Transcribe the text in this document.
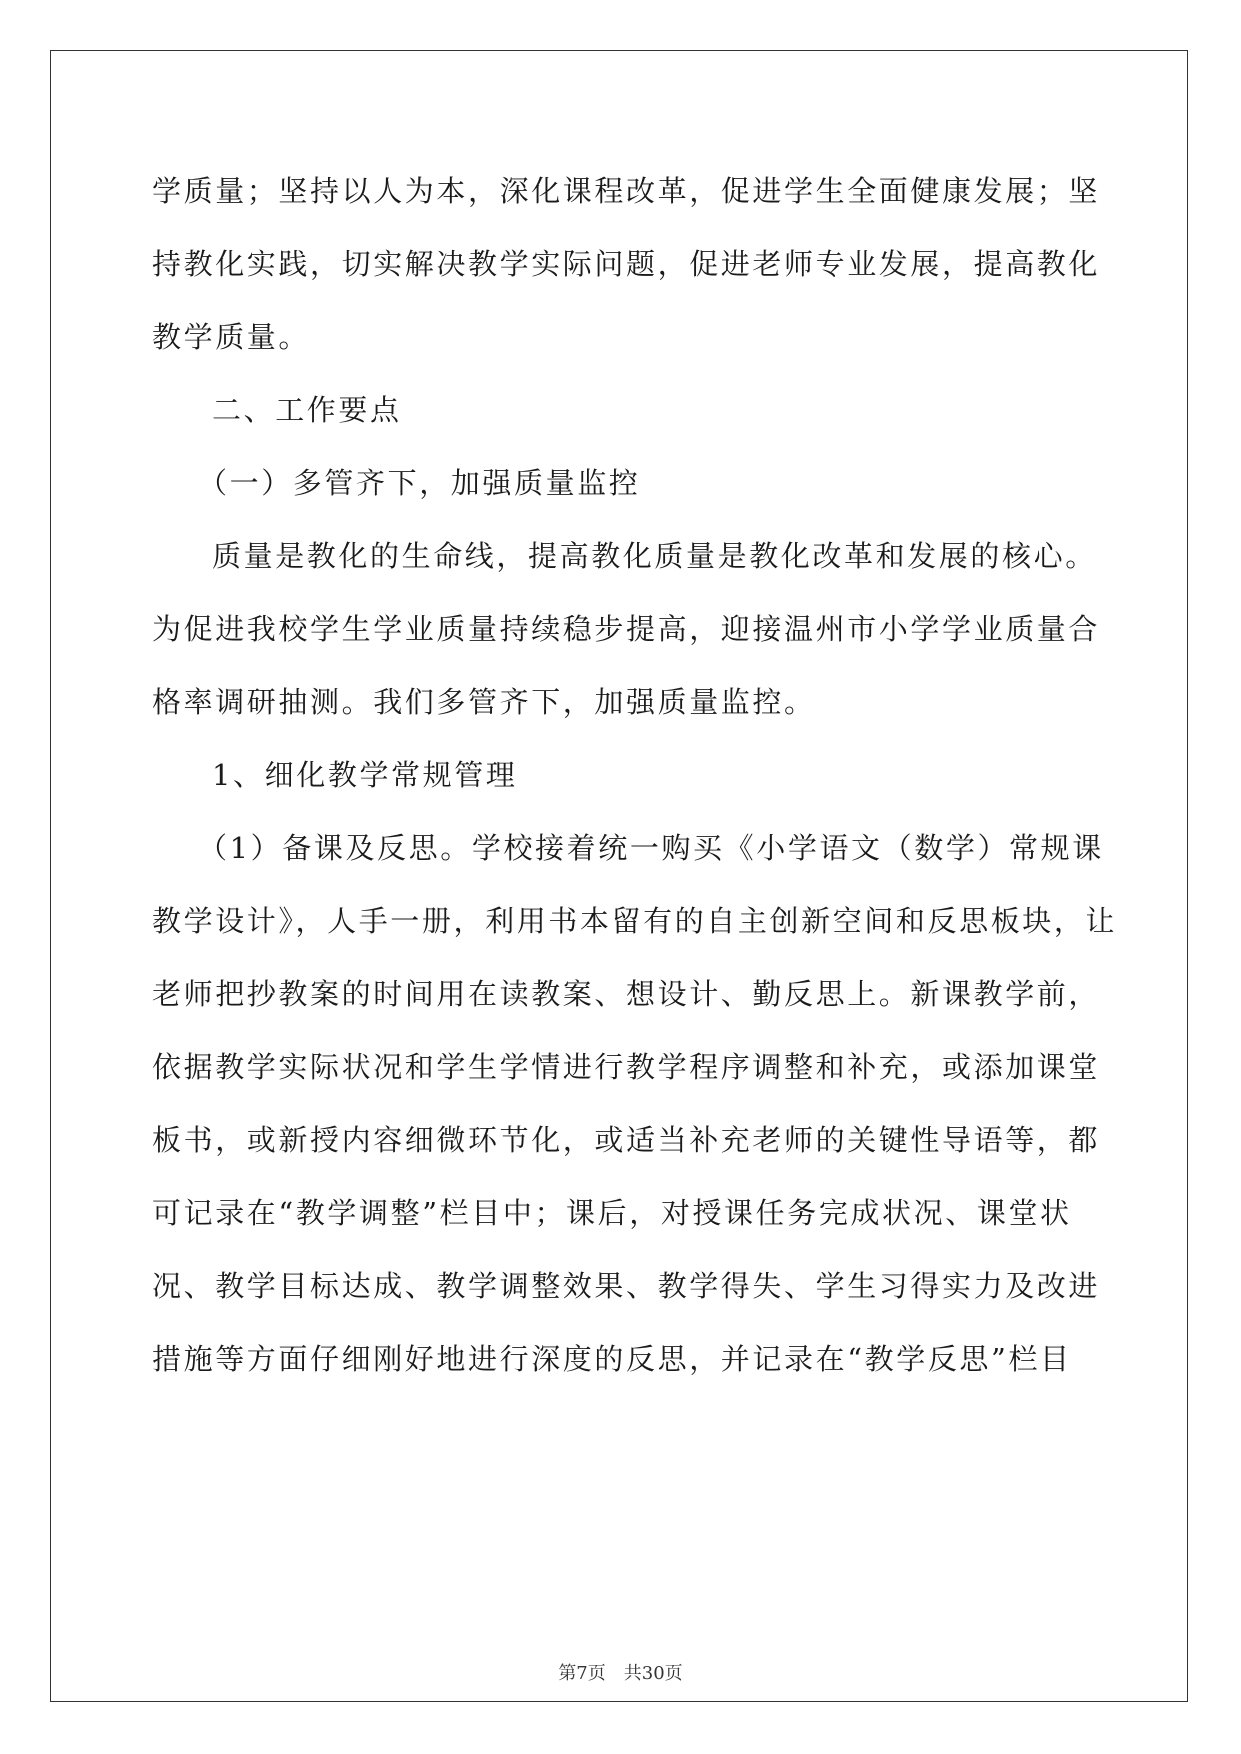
学质量；坚持以人为本，深化课程改革，促进学生全面健康发展；坚
持教化实践，切实解决教学实际问题，促进老师专业发展，提高教化
教学质量。
二、工作要点
（一）多管齐下，加强质量监控
质量是教化的生命线，提高教化质量是教化改革和发展的核心。
为促进我校学生学业质量持续稳步提高，迎接温州市小学学业质量合
格率调研抽测。我们多管齐下，加强质量监控。
1、细化教学常规管理
（1）备课及反思。学校接着统一购买《小学语文（数学）常规课
教学设计》，人手一册，利用书本留有的自主创新空间和反思板块，让
老师把抄教案的时间用在读教案、想设计、勤反思上。新课教学前，
依据教学实际状况和学生学情进行教学程序调整和补充，或添加课堂
板书，或新授内容细微环节化，或适当补充老师的关键性导语等，都
可记录在“教学调整”栏目中；课后，对授课任务完成状况、课堂状
况、教学目标达成、教学调整效果、教学得失、学生习得实力及改进
措施等方面仔细刚好地进行深度的反思，并记录在“教学反思”栏目
第7页　共30页
